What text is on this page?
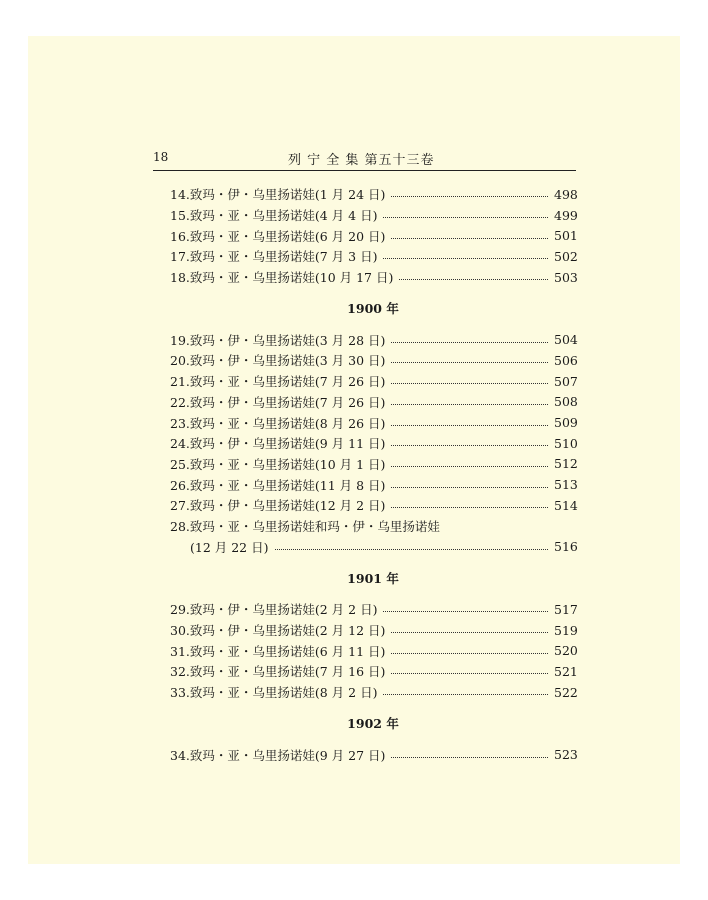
18	列 宁 全 集 第五十三卷
14.致玛・伊・乌里扬诺娃(1 月 24 日)	498
15.致玛・亚・乌里扬诺娃(4 月 4 日)	499
16.致玛・亚・乌里扬诺娃(6 月 20 日)	501
17.致玛・亚・乌里扬诺娃(7 月 3 日)	502
18.致玛・亚・乌里扬诺娃(10 月 17 日)	503
1900 年
19.致玛・伊・乌里扬诺娃(3 月 28 日)	504
20.致玛・伊・乌里扬诺娃(3 月 30 日)	506
21.致玛・亚・乌里扬诺娃(7 月 26 日)	507
22.致玛・伊・乌里扬诺娃(7 月 26 日)	508
23.致玛・亚・乌里扬诺娃(8 月 26 日)	509
24.致玛・伊・乌里扬诺娃(9 月 11 日)	510
25.致玛・亚・乌里扬诺娃(10 月 1 日)	512
26.致玛・亚・乌里扬诺娃(11 月 8 日)	513
27.致玛・伊・乌里扬诺娃(12 月 2 日)	514
28.致玛・亚・乌里扬诺娃和玛・伊・乌里扬诺娃
(12 月 22 日)	516
1901 年
29.致玛・伊・乌里扬诺娃(2 月 2 日)	517
30.致玛・伊・乌里扬诺娃(2 月 12 日)	519
31.致玛・亚・乌里扬诺娃(6 月 11 日)	520
32.致玛・亚・乌里扬诺娃(7 月 16 日)	521
33.致玛・亚・乌里扬诺娃(8 月 2 日)	522
1902 年
34.致玛・亚・乌里扬诺娃(9 月 27 日)	523
